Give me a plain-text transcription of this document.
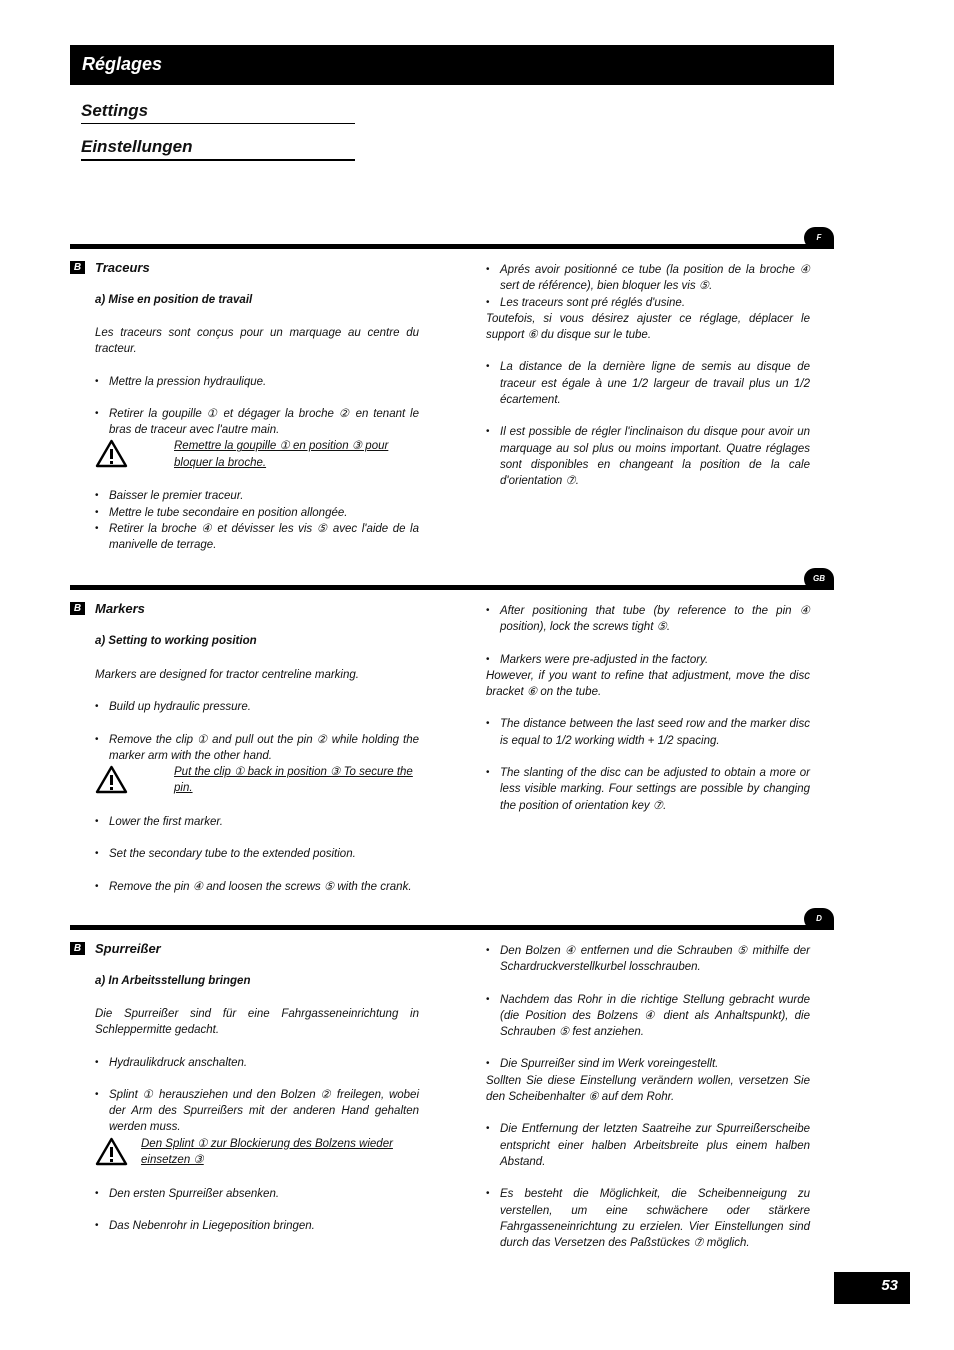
Réglages
Settings
Einstellungen
F
B Traceurs
a) Mise en position de travail

Les traceurs sont conçus pour un marquage au centre du tracteur.

• Mettre la pression hydraulique.
• Retirer la goupille ① et dégager la broche ② en tenant le bras de traceur avec l'autre main.
Remettre la goupille ① en position ③ pour bloquer la broche.
• Baisser le premier traceur.
• Mettre le tube secondaire en position allongée.
• Retirer la broche ④ et dévisser les vis ⑤ avec l'aide de la manivelle de terrage.
• Aprés avoir positionné ce tube (la position de la broche ④ sert de référence), bien bloquer les vis ⑤.
• Les traceurs sont pré réglés d'usine.

Toutefois, si vous désirez ajuster ce réglage, déplacer le support ⑥ du disque sur le tube.

• La distance de la dernière ligne de semis au disque de traceur est égale à une 1/2 largeur de travail plus un 1/2 écartement.
• Il est possible de régler l'inclinaison du disque pour avoir un marquage au sol plus ou moins important. Quatre réglages sont disponibles en changeant la position de la cale d'orientation ⑦.
GB
B Markers
a) Setting to working position

Markers are designed for tractor centreline marking.

• Build up hydraulic pressure.
• Remove the clip ① and pull out the pin ② while holding the marker arm with the other hand.
Put the clip ① back in position ③ To secure the pin.
• Lower the first marker.
• Set the secondary tube to the extended position.
• Remove the pin ④ and loosen the screws ⑤ with the crank.
• After positioning that tube (by reference to the pin ④ position), lock the screws tight ⑤.
• Markers were pre-adjusted in the factory.

However, if you want to refine that adjustment, move the disc bracket ⑥ on the tube.

• The distance between the last seed row and the marker disc is equal to 1/2 working width + 1/2 spacing.
• The slanting of the disc can be adjusted to obtain a more or less visible marking. Four settings are possible by changing the position of orientation key ⑦.
D
B Spurreißer
a) In Arbeitsstellung bringen

Die Spurreißer sind für eine Fahrgasseneinrichtung in Schleppermitte gedacht.

• Hydraulikdruck anschalten.
• Splint ① herausziehen und den Bolzen ② freilegen, wobei der Arm des Spurreißers mit der anderen Hand gehalten werden muss.
Den Splint ① zur Blockierung des Bolzens wieder einsetzen ③
• Den ersten Spurreißer absenken.
• Das Nebenrohr in Liegeposition bringen.
• Den Bolzen ④ entfernen und die Schrauben ⑤ mithilfe der Schardruckverstellkurbel losschrauben.
• Nachdem das Rohr in die richtige Stellung gebracht wurde (die Position des Bolzens ④ dient als Anhaltspunkt), die Schrauben ⑤ fest anziehen.
• Die Spurreißer sind im Werk voreingestellt.

Sollten Sie diese Einstellung verändern wollen, versetzen Sie den Scheibenhalter ⑥ auf dem Rohr.

• Die Entfernung der letzten Saatreihe zur Spurreißerscheibe entspricht einer halben Arbeitsbreite plus einem halben Abstand.
• Es besteht die Möglichkeit, die Scheibenneigung zu verstellen, um eine schwächere oder stärkere Fahrgasseneinrichtung zu erzielen. Vier Einstellungen sind durch das Versetzen des Paßstückes ⑦ möglich.
53
